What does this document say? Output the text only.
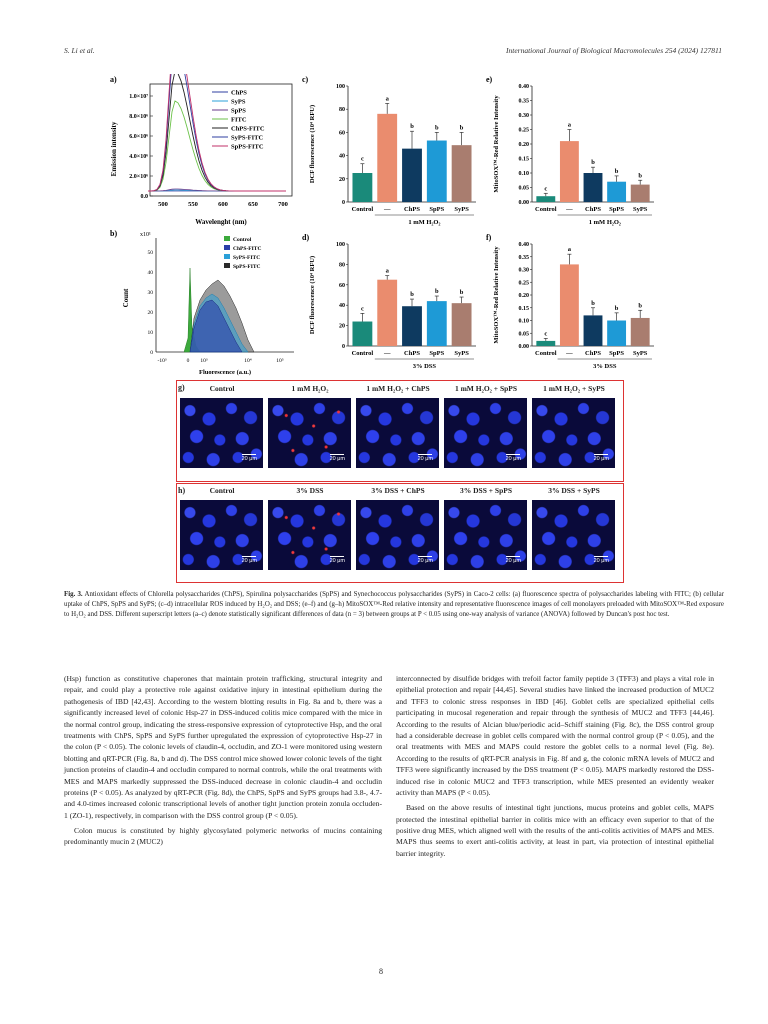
S. Li et al.	International Journal of Biological Macromolecules 254 (2024) 127811
a)
0.0
2.0×10⁶
4.0×10⁶
6.0×10⁶
8.0×10⁶
1.0×10⁷
Emission intensity
500	550	600	650	700
Wavelenght (nm)
ChPS
SyPS
SpPS
FITC
ChPS-FITC
SyPS-FITC
SpPS-FITC
b)	x10¹
Count
0
10
20
30
40
50
-10³	0 10³	10⁴	10⁵
Fluorescence (a.u.)
Control
ChPS-FITC
SyPS-FITC
SpPS-FITC
c)
DCF fluorescence (10⁴ RFU)
0
20
40
60
80
100
c
Control
a
—
b
ChPS
b
SpPS
b
SyPS
1 mM H₂O₂
d)
DCF fluorescence (10⁴ RFU)
0
20
40
60
80
100
c
Control
a
—
b
ChPS
b
SpPS
b
SyPS
3% DSS
e)
MitoSOX™-Red Relative Intensity
0.00
0.05
0.10
0.15
0.20
0.25
0.30
0.35
0.40
c
Control
a
—
b
ChPS
b
SpPS
b
SyPS
1 mM H₂O₂
f)
MitoSOX™-Red Relative Intensity
0.00
0.05
0.10
0.15
0.20
0.25
0.30
0.35
0.40
c
Control
a
—
b
ChPS
b
SpPS
b
SyPS
3% DSS
g)	Control
20 μm
1 mM H₂O₂
20 μm
1 mM H₂O₂ + ChPS
20 μm
1 mM H₂O₂ + SpPS
20 μm
1 mM H₂O₂ + SyPS
20 μm
h)	Control
20 μm
3% DSS
20 μm
3% DSS + ChPS
20 μm
3% DSS + SpPS
20 μm
3% DSS + SyPS
20 μm
Fig. 3. Antioxidant effects of Chlorella polysaccharides (ChPS), Spirulina polysaccharides (SpPS) and Synechococcus polysaccharides (SyPS) in Caco-2 cells: (a) fluorescence spectra of polysaccharides labeling with FITC; (b) cellular uptake of ChPS, SpPS and SyPS; (c–d) intracellular ROS induced by H₂O₂ and DSS; (e–f) and (g–h) MitoSOX™-Red relative intensity and representative fluorescence images of cell monolayers preloaded with MitoSOX™-Red exposure to H₂O₂ and DSS. Different superscript letters (a–c) denote statistically significant differences of data (n = 3) between groups at P < 0.05 using one-way analysis of variance (ANOVA) followed by Duncan's post hoc test.

(Hsp) function as constitutive chaperones that maintain protein trafficking, structural integrity and repair, and could play a protective role against oxidative injury in intestinal epithelium during the pathogenesis of IBD [42,43]. According to the western blotting results in Fig. 8a and b, there was a significantly increased level of colonic Hsp-27 in DSS-induced colitis mice compared with the mice in the normal control group, indicating the stress-responsive expression of cytoprotective Hsp, and the oral treatments with ChPS, SpPS and SyPS further upregulated the expression of cytoprotective Hsp-27 in the colon (P < 0.05). The colonic levels of claudin-4, occludin, and ZO-1 were monitored using western blotting and qRT-PCR (Fig. 8a, b and d). The DSS control mice showed lower colonic levels of the tight junction proteins of claudin-4 and occludin compared to normal controls, while the oral treatments with MES and MAPS markedly suppressed the DSS-induced decrease in colonic claudin-4 and occludin proteins (P < 0.05). As analyzed by qRT-PCR (Fig. 8d), the ChPS, SpPS and SyPS groups had 3.8-, 4.7- and 4.0-times increased colonic transcriptional levels of another tight junction protein zonula occluden-1 (ZO-1), respectively, in comparison with the DSS control group (P < 0.05).

Colon mucus is constituted by highly glycosylated polymeric networks of mucins containing predominantly mucin 2 (MUC2)

interconnected by disulfide bridges with trefoil factor family peptide 3 (TFF3) and plays a vital role in epithelial protection and repair [44,45]. Several studies have linked the increased production of MUC2 and TFF3 to colonic stress responses in IBD [46]. Goblet cells are specialized epithelial cells participating in mucosal regeneration and repair through the synthesis of MUC2 and TFF3 [44,46]. According to the results of Alcian blue/periodic acid–Schiff staining (Fig. 8c), the DSS control group had a considerable decrease in goblet cells compared with the normal control group (P < 0.05), and the oral treatments with MES and MAPS could restore the goblet cells to a normal level (Fig. 8e). According to the results of qRT-PCR analysis in Fig. 8f and g, the colonic mRNA levels of MUC2 and TFF3 were significantly increased by the DSS treatment (P < 0.05). MAPS markedly restored the DSS-induced rise in colonic MUC2 and TFF3 transcription, while MES presented an evidently weaker activity than MAPS (P < 0.05).

Based on the above results of intestinal tight junctions, mucus proteins and goblet cells, MAPS protected the intestinal epithelial barrier in colitis mice with an efficacy even superior to that of the positive drug MES, which aligned well with the results of the anti-colitis activities of MAPS and MES. MAPS thus seems to exert anti-colitis activity, at least in part, via protection of intestinal epithelial barrier integrity.

8
